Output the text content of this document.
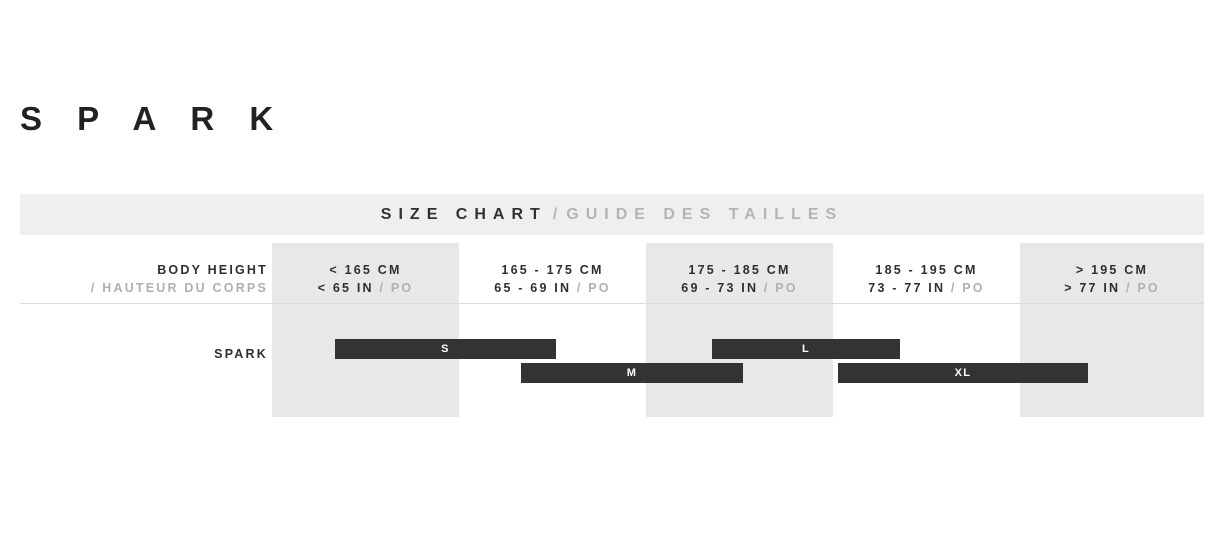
S P A R K
SIZE CHART / GUIDE DES TAILLES
BODY HEIGHT
/ HAUTEUR DU CORPS
< 165 CM
< 65 IN / PO
165 - 175 CM
65 - 69 IN / PO
175 - 185 CM
69 - 73 IN / PO
185 - 195 CM
73 - 77 IN / PO
> 195 CM
> 77 IN / PO
SPARK	S
M
L
XL
